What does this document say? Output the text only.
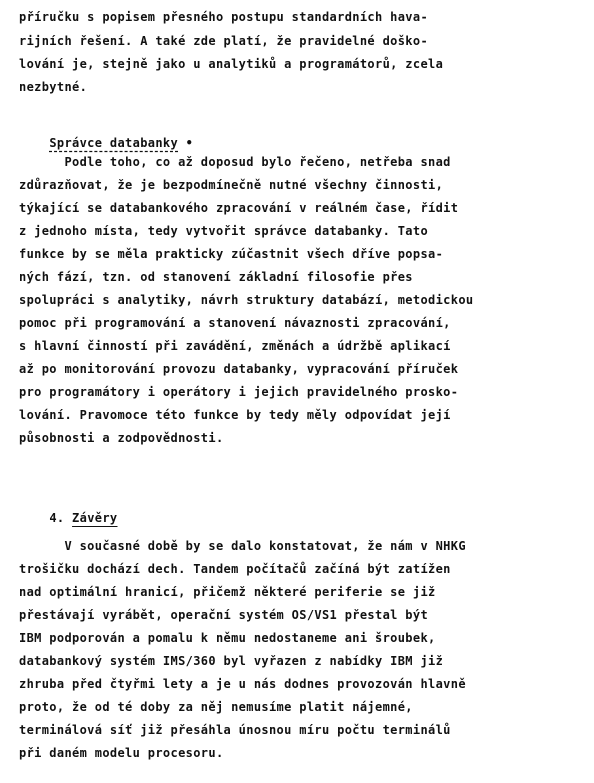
příručku s popisem přesného postupu standardních hava-
rijních řešení. A také zde platí, že pravidelné doško-
lování je, stejně jako u analytiků a programátorů, zcela
nezbytné.

Správce databanky •

Podle toho, co až doposud bylo řečeno, netřeba snad
zdůrazňovat, že je bezpodmínečně nutné všechny činnosti,
týkající se databankového zpracování v reálném čase, řídit
z jednoho místa, tedy vytvořit správce databanky. Tato
funkce by se měla prakticky zúčastnit všech dříve popsa-
ných fází, tzn. od stanovení základní filosofie přes
spolupráci s analytiky, návrh struktury databází, metodickou
pomoc při programování a stanovení návaznosti zpracování,
s hlavní činností při zavádění, změnách a údržbě aplikací
až po monitorování provozu databanky, vypracování příruček
pro programátory i operátory i jejich pravidelného prosko-
lování. Pravomoce této funkce by tedy měly odpovídat její
působnosti a zodpovědnosti.

4. Závěry

V současné době by se dalo konstatovat, že nám v NHKG
trošičku dochází dech. Tandem počítačů začíná být zatížen
nad optimální hranicí, přičemž některé periferie se již
přestávají vyrábět, operační systém OS/VS1 přestal být
IBM podporován a pomalu k němu nedostaneme ani šroubek,
databankový systém IMS/360 byl vyřazen z nabídky IBM již
zhruba před čtyřmi lety a je u nás dodnes provozován hlavně
proto, že od té doby za něj nemusíme platit nájemné,
terminálová síť již přesáhla únosnou míru počtu terminálů
při daném modelu procesoru.
